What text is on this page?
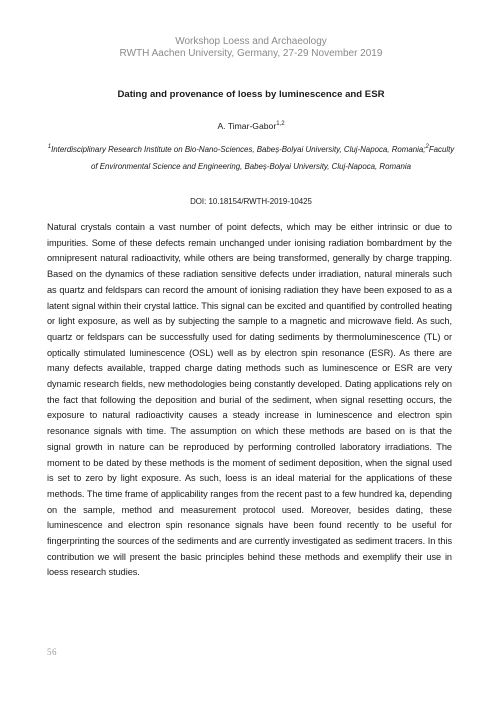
Workshop Loess and Archaeology
RWTH Aachen University, Germany, 27-29 November 2019
Dating and provenance of loess by luminescence and ESR
A. Timar-Gabor$^{1,2}$
$^1$Interdisciplinary Research Institute on Bio-Nano-Sciences, Babeș-Bolyai University, Cluj-Napoca, Romania;$^2$Faculty of Environmental Science and Engineering, Babeș-Bolyai University, Cluj-Napoca, Romania
DOI: 10.18154/RWTH-2019-10425
Natural crystals contain a vast number of point defects, which may be either intrinsic or due to impurities. Some of these defects remain unchanged under ionising radiation bombardment by the omnipresent natural radioactivity, while others are being transformed, generally by charge trapping. Based on the dynamics of these radiation sensitive defects under irradiation, natural minerals such as quartz and feldspars can record the amount of ionising radiation they have been exposed to as a latent signal within their crystal lattice. This signal can be excited and quantified by controlled heating or light exposure, as well as by subjecting the sample to a magnetic and microwave field. As such, quartz or feldspars can be successfully used for dating sediments by thermoluminescence (TL) or optically stimulated luminescence (OSL) well as by electron spin resonance (ESR). As there are many defects available, trapped charge dating methods such as luminescence or ESR are very dynamic research fields, new methodologies being constantly developed. Dating applications rely on the fact that following the deposition and burial of the sediment, when signal resetting occurs, the exposure to natural radioactivity causes a steady increase in luminescence and electron spin resonance signals with time. The assumption on which these methods are based on is that the signal growth in nature can be reproduced by performing controlled laboratory irradiations. The moment to be dated by these methods is the moment of sediment deposition, when the signal used is set to zero by light exposure. As such, loess is an ideal material for the applications of these methods. The time frame of applicability ranges from the recent past to a few hundred ka, depending on the sample, method and measurement protocol used. Moreover, besides dating, these luminescence and electron spin resonance signals have been found recently to be useful for fingerprinting the sources of the sediments and are currently investigated as sediment tracers. In this contribution we will present the basic principles behind these methods and exemplify their use in loess research studies.
56
